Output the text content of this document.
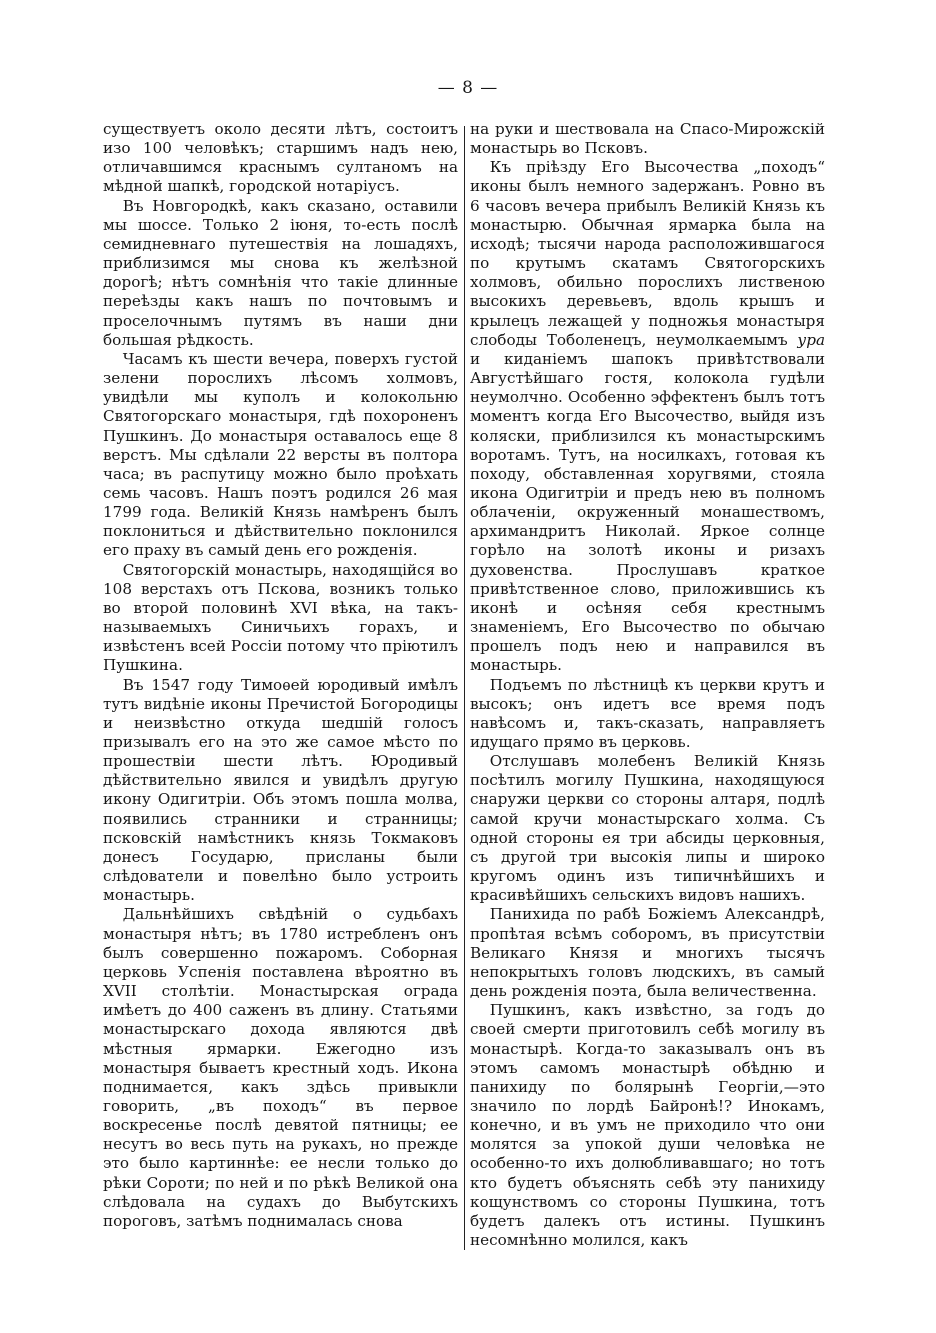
— 8 —

существуетъ около десяти лѣтъ, состоитъ изо 100 человѣкъ; старшимъ надъ нею, отличавшимся краснымъ султаномъ на мѣдной шапкѣ, городской нотаріусъ.

Въ Новгородкѣ, какъ сказано, оставили мы шоссе. Только 2 іюня, то-есть послѣ семидневнаго путешествія на лошадяхъ, приблизимся мы снова къ желѣзной дорогѣ; нѣтъ сомнѣнія что такіе длинные переѣзды какъ нашъ по почтовымъ и проселочнымъ путямъ въ наши дни большая рѣдкость.

Часамъ къ шести вечера, поверхъ густой зелени порослихъ лѣсомъ холмовъ, увидѣли мы куполъ и колокольню Святогорскаго монастыря, гдѣ похороненъ Пушкинъ. До монастыря оставалось еще 8 верстъ. Мы сдѣлали 22 версты въ полтора часа; въ распутицу можно было проѣхать семь часовъ. Нашъ поэтъ родился 26 мая 1799 года. Великій Князь намѣренъ былъ поклониться и дѣйствительно поклонился его праху въ самый день его рожденія.

Святогорскій монастырь, находящійся во 108 верстахъ отъ Пскова, возникъ только во второй половинѣ XVI вѣка, на такъ-называемыхъ Синичьихъ горахъ, и извѣстенъ всей Россіи потому что пріютилъ Пушкина.

Въ 1547 году Тимоѳей юродивый имѣлъ тутъ видѣніе иконы Пречистой Богородицы и неизвѣстно откуда шедшій голосъ призывалъ его на это же самое мѣсто по прошествіи шести лѣтъ. Юродивый дѣйствительно явился и увидѣлъ другую икону Одигитріи. Объ этомъ пошла молва, появились странники и странницы; псковскій намѣстникъ князь Токмаковъ донесъ Государю, присланы были слѣдователи и повелѣно было устроить монастырь.

Дальнѣйшихъ свѣдѣній о судьбахъ монастыря нѣтъ; въ 1780 истребленъ онъ былъ совершенно пожаромъ. Соборная церковь Успенія поставлена вѣроятно въ XVII столѣтіи. Монастырская ограда имѣетъ до 400 саженъ въ длину. Статьями монастырскаго дохода являются двѣ мѣстныя ярмарки. Ежегодно изъ монастыря бываетъ крестный ходъ. Икона поднимается, какъ здѣсь привыкли говорить, „въ походъ“ въ первое воскресенье послѣ девятой пятницы; ее несутъ во весь путь на рукахъ, но прежде это было картиннѣе: ее несли только до рѣки Сороти; по ней и по рѣкѣ Великой она слѣдовала на судахъ до Выбутскихъ пороговъ, затѣмъ поднималась снова

на руки и шествовала на Спасо-Мирожскій монастырь во Псковъ.

Къ пріѣзду Его Высочества „походъ“ иконы былъ немного задержанъ. Ровно въ 6 часовъ вечера прибылъ Великій Князь къ монастырю. Обычная ярмарка была на исходѣ; тысячи народа расположившагося по крутымъ скатамъ Святогорскихъ холмовъ, обильно порослихъ лиственою высокихъ деревьевъ, вдоль крышъ и крылецъ лежащей у подножья монастыря слободы Тоболенецъ, неумолкаемымъ ура и киданіемъ шапокъ привѣтствовали Августѣйшаго гостя, колокола гудѣли неумолчно. Особенно эффектенъ былъ тотъ моментъ когда Его Высочество, выйдя изъ коляски, приблизился къ монастырскимъ воротамъ. Тутъ, на носилкахъ, готовая къ походу, обставленная хоругвями, стояла икона Одигитріи и предъ нею въ полномъ облаченіи, окруженный монашествомъ, архимандритъ Николай. Яркое солнце горѣло на золотѣ иконы и ризахъ духовенства. Прослушавъ краткое привѣтственное слово, приложившись къ иконѣ и осѣняя себя крестнымъ знаменіемъ, Его Высочество по обычаю прошелъ подъ нею и направился въ монастырь.

Подъемъ по лѣстницѣ къ церкви крутъ и высокъ; онъ идетъ все время подъ навѣсомъ и, такъ-сказать, направляетъ идущаго прямо въ церковь.

Отслушавъ молебенъ Великій Князь посѣтилъ могилу Пушкина, находящуюся снаружи церкви со стороны алтаря, подлѣ самой кручи монастырскаго холма. Съ одной стороны ея три абсиды церковныя, съ другой три высокія липы и широко кругомъ одинъ изъ типичнѣйшихъ и красивѣйшихъ сельскихъ видовъ нашихъ.

Панихида по рабѣ Божіемъ Александрѣ, пропѣтая всѣмъ соборомъ, въ присутствіи Великаго Князя и многихъ тысячъ непокрытыхъ головъ людскихъ, въ самый день рожденія поэта, была величественна.

Пушкинъ, какъ извѣстно, за годъ до своей смерти приготовилъ себѣ могилу въ монастырѣ. Когда-то заказывалъ онъ въ этомъ самомъ монастырѣ обѣдню и панихиду по болярынѣ Георгіи,—это значило по лордѣ Байронѣ!? Инокамъ, конечно, и въ умъ не приходило что они молятся за упокой души человѣка не особенно-то ихъ долюбливавшаго; но тотъ кто будетъ объяснять себѣ эту панихиду кощунствомъ со стороны Пушкина, тотъ будетъ далекъ отъ истины. Пушкинъ несомнѣнно молился, какъ
